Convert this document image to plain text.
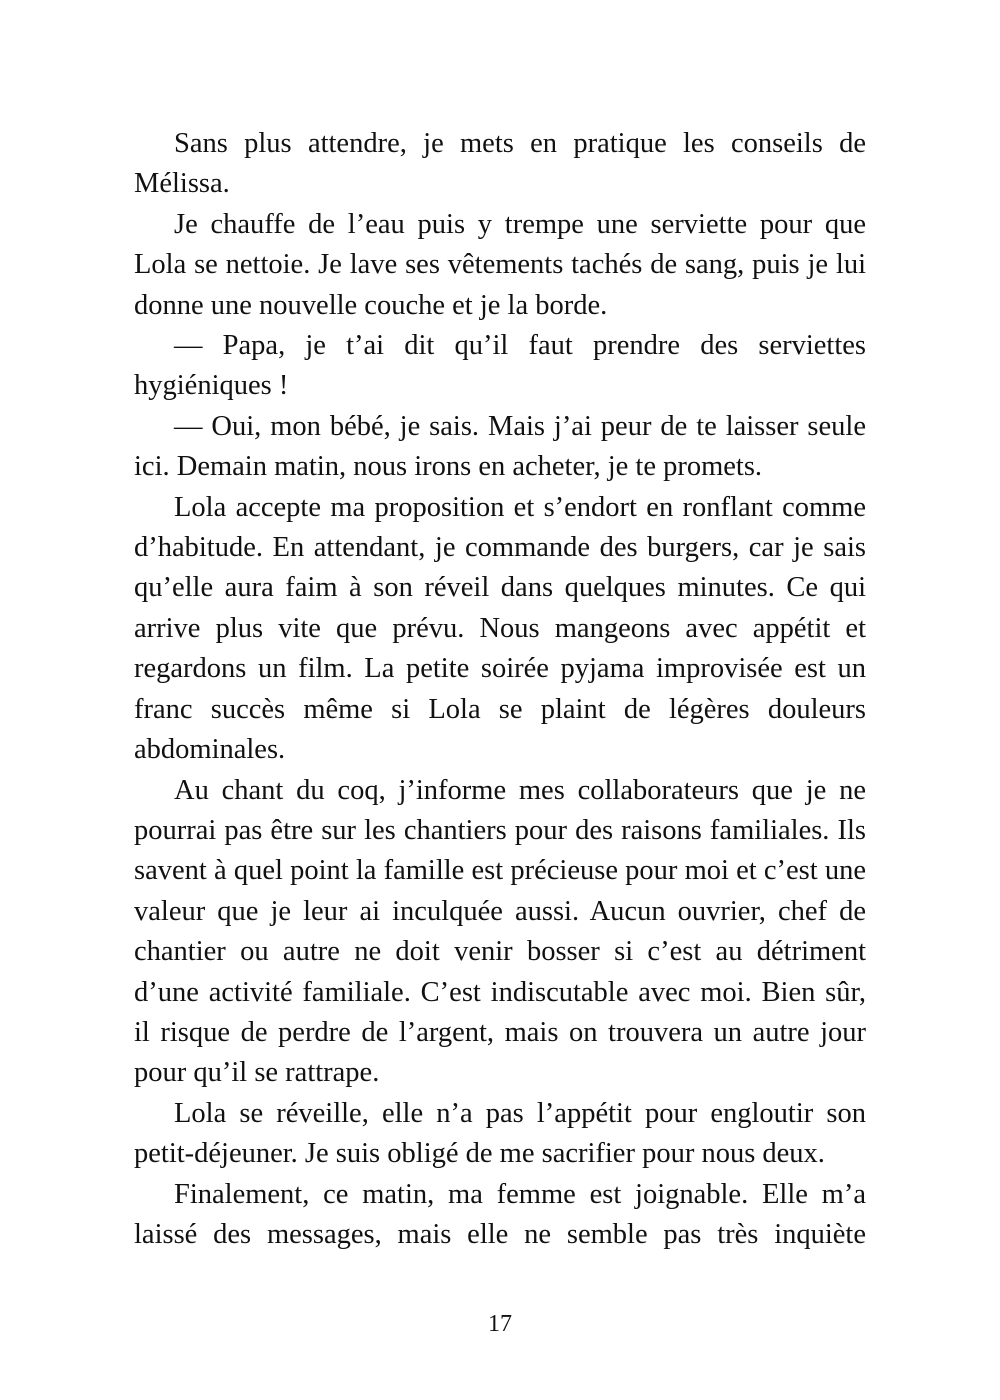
Sans plus attendre, je mets en pratique les conseils de Mélissa.

Je chauffe de l’eau puis y trempe une serviette pour que Lola se nettoie. Je lave ses vêtements tachés de sang, puis je lui donne une nouvelle couche et je la borde.

— Papa, je t’ai dit qu’il faut prendre des serviettes hygiéniques !

— Oui, mon bébé, je sais. Mais j’ai peur de te laisser seule ici. Demain matin, nous irons en acheter, je te promets.

Lola accepte ma proposition et s’endort en ronflant comme d’habitude. En attendant, je commande des burgers, car je sais qu’elle aura faim à son réveil dans quelques minutes. Ce qui arrive plus vite que prévu. Nous mangeons avec appétit et regardons un film. La petite soirée pyjama improvisée est un franc succès même si Lola se plaint de légères douleurs abdominales.

Au chant du coq, j’informe mes collaborateurs que je ne pourrai pas être sur les chantiers pour des raisons familiales. Ils savent à quel point la famille est précieuse pour moi et c’est une valeur que je leur ai inculquée aussi. Aucun ouvrier, chef de chantier ou autre ne doit venir bosser si c’est au détriment d’une activité familiale. C’est indiscutable avec moi. Bien sûr, il risque de perdre de l’argent, mais on trouvera un autre jour pour qu’il se rattrape.

Lola se réveille, elle n’a pas l’appétit pour engloutir son petit-déjeuner. Je suis obligé de me sacrifier pour nous deux.

Finalement, ce matin, ma femme est joignable. Elle m’a laissé des messages, mais elle ne semble pas très inquiète

17
